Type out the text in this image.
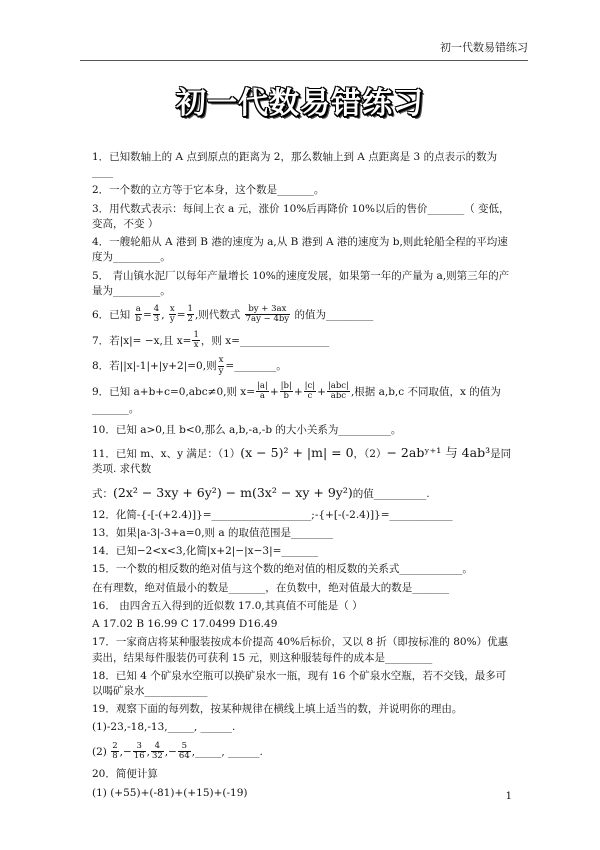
初一代数易错练习
初一代数易错练习
1．已知数轴上的 A 点到原点的距离为 2，那么数轴上到 A 点距离是 3 的点表示的数为____
2．一个数的立方等于它本身，这个数是_______。
3．用代数式表示：每间上衣 a 元，涨价 10%后再降价 10%以后的售价_______（ 变低，变高，不变 ）
4．一艘轮船从 A 港到 B 港的速度为 a,从 B 港到 A 港的速度为 b,则此轮船全程的平均速度为_________。
5． 青山镇水泥厂以每年产量增长 10%的速度发展，如果第一年的产量为 a,则第三年的产量为_________。
6．已知 $\frac{a}{b} = \frac{4}{3}$ , $\frac{x}{y} = \frac{1}{2}$ ,则代数式 $\frac{by + 3ax}{7ay - 4by}$ 的值为_________
7．若|x|= −x,且 $x= \frac{1}{x}$ ，则 x=_________________
8．若||x|-1|+|y+2|=0,则 $\frac{x}{y}$ =________。
9．已知 a+b+c=0,abc≠0,则 $x= \frac{|a|}{a} + \frac{|b|}{b} + \frac{|c|}{c} + \frac{\text{|abc|}}{\text{abc}}$ ,根据 a,b,c 不同取值，x 的值为_______。
10．已知 a>0,且 b<0,那么 a,b,-a,-b 的大小关系为__________。
11．已知 m、x、y 满足：（1）(x − 5)² + |m| = 0，（2）− 2abʸ⁺¹ 与 4ab³是同类项. 求代数
式：(2x² − 3xy + 6y²) − m(3x² − xy + 9y²)的值__________.
12．化简-{-[-(+2.4)]}=___________________;-{+[-(-2.4)]}=____________
13．如果|a-3|-3+a=0,则 a 的取值范围是________
14．已知−2<x<3,化简|x+2|−|x−3|=_______
15．一个数的相反数的绝对值与这个数的绝对值的相反数的关系式____________。
在有理数，绝对值最小的数是_______，在负数中，绝对值最大的数是_______
16． 由四舍五入得到的近似数 17.0,其真值不可能是（ ）
A 17.02 B 16.99 C 17.0499 D16.49
17．一家商店将某种服装按成本价提高 40%后标价，又以 8 折（即按标准的 80%）优惠卖出，结果每件服装仍可获利 15 元，则这种服装每件的成本是_________
18．已知 4 个矿泉水空瓶可以换矿泉水一瓶，现有 16 个矿泉水空瓶，若不交钱，最多可以喝矿泉水____________
19．观察下面的每列数，按某种规律在横线上填上适当的数，并说明你的理由。
(1)-23,-18,-13,_____, ______.
$(2) \frac{2}{8}$ ,− $\frac{3}{16}$ , $\frac{4}{32}$ ,− $\frac{5}{64}$ ,_____, ______.
20．简便计算
(1) (+55)+(-81)+(+15)+(-19)	1
